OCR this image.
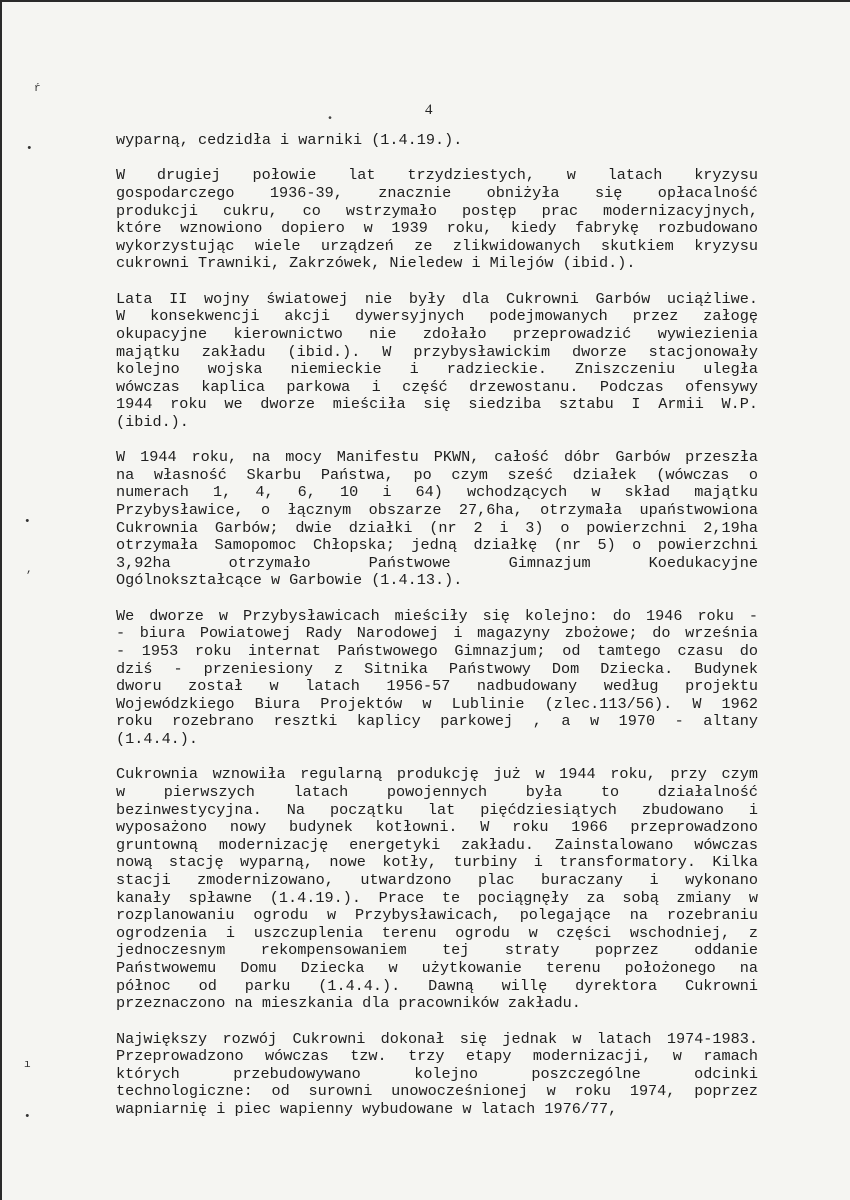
ŕ
•
•
,
ı
•
•
4
wyparną, cedzidła i warniki (1.4.19.).
W drugiej połowie lat trzydziestych, w latach kryzysu
gospodarczego 1936-39, znacznie obniżyła się opłacalność
produkcji cukru, co wstrzymało postęp prac modernizacyjnych,
które wznowiono dopiero w 1939 roku, kiedy fabrykę rozbudowano
wykorzystując wiele urządzeń ze zlikwidowanych skutkiem kryzysu
cukrowni Trawniki, Zakrzówek, Nieledew i Milejów (ibid.).
Lata II wojny światowej nie były dla Cukrowni Garbów uciążliwe.
W konsekwencji akcji dywersyjnych podejmowanych przez załogę
okupacyjne kierownictwo nie zdołało przeprowadzić wywiezienia
majątku zakładu (ibid.). W przybysławickim dworze stacjonowały
kolejno wojska niemieckie i radzieckie. Zniszczeniu uległa
wówczas kaplica parkowa i część drzewostanu. Podczas ofensywy
1944 roku we dworze mieściła się siedziba sztabu I Armii W.P.
(ibid.).
W 1944 roku, na mocy Manifestu PKWN, całość dóbr Garbów przeszła
na własność Skarbu Państwa, po czym sześć działek (wówczas o
numerach 1, 4, 6, 10 i 64) wchodzących w skład majątku
Przybysławice, o łącznym obszarze 27,6ha, otrzymała upaństwowiona
Cukrownia Garbów; dwie działki (nr 2 i 3) o powierzchni 2,19ha
otrzymała Samopomoc Chłopska; jedną działkę (nr 5) o powierzchni
3,92ha otrzymało Państwowe Gimnazjum Koedukacyjne
Ogólnokształcące w Garbowie (1.4.13.).
We dworze w Przybysławicach mieściły się kolejno: do 1946 roku -
- biura Powiatowej Rady Narodowej i magazyny zbożowe; do września
- 1953 roku internat Państwowego Gimnazjum; od tamtego czasu do
dziś - przeniesiony z Sitnika Państwowy Dom Dziecka. Budynek
dworu został w latach 1956-57 nadbudowany według projektu
Wojewódzkiego Biura Projektów w Lublinie (zlec.113/56). W 1962
roku rozebrano resztki kaplicy parkowej , a w 1970 - altany
(1.4.4.).
Cukrownia wznowiła regularną produkcję już w 1944 roku, przy czym
w pierwszych latach powojennych była to działalność
bezinwestycyjna. Na początku lat pięćdziesiątych zbudowano i
wyposażono nowy budynek kotłowni. W roku 1966 przeprowadzono
gruntowną modernizację energetyki zakładu. Zainstalowano wówczas
nową stację wyparną, nowe kotły, turbiny i transformatory. Kilka
stacji zmodernizowano, utwardzono plac buraczany i wykonano
kanały spławne (1.4.19.). Prace te pociągnęły za sobą zmiany w
rozplanowaniu ogrodu w Przybysławicach, polegające na rozebraniu
ogrodzenia i uszczuplenia terenu ogrodu w części wschodniej, z
jednoczesnym rekompensowaniem tej straty poprzez oddanie
Państwowemu Domu Dziecka w użytkowanie terenu położonego na
północ od parku (1.4.4.). Dawną willę dyrektora Cukrowni
przeznaczono na mieszkania dla pracowników zakładu.
Największy rozwój Cukrowni dokonał się jednak w latach 1974-1983.
Przeprowadzono wówczas tzw. trzy etapy modernizacji, w ramach
których przebudowywano kolejno poszczególne odcinki
technologiczne: od surowni unowocześnionej w roku 1974, poprzez
wapniarnię i piec wapienny wybudowane w latach 1976/77,
